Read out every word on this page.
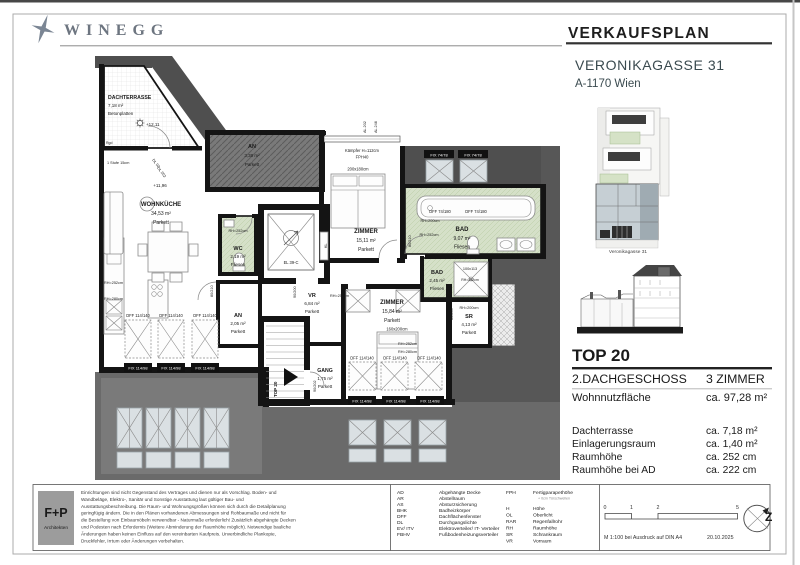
WINEGG	VERKAUFSPLAN
VERONIKAGASSE 31
A-1170 Wien
FIX 74/78	FIX 74/78
EL 39-C
TOP 20	90/202
FIX 114/98	FIX 114/98	FIX 114/98
FIX 114/98	FIX 114/98	FIX 114/98
DACHTERRASSE
7,18 m²
Betonplatten
+12,11
Rgd
1 Stufe 15cm	DL 92
DL 202
+11,96
WOHNKÜCHE
34,53 m²
Parkett
RH=252cm
RH=280cm
80/210
AN
3,38 m²
Parkett
AL 202 AL 246
Kämpfer H=112cm
FPH40
200x180cm
ZIMMER
15,11 m²
Parkett
KL	80/210
DFF 74/180	DFF 74/180
RH=200cm
BAD
9,07 m²
Fliesen
RH=252cm
RH=252cm
WC
2,19 m²
Fliesen
90/200 VR
6,84 m²
Parkett
RH=252cm
AN
2,05 m²
Parkett
GANG
1,75 m²
Parkett
ZIMMER
15,84 m²
Parkett
160x200cm
RH=252cm
RH=280cm
BAD
2,45 m²
Fliesen
100x113
RH=252cm
RH=200cm
SR
4,13 m²
Parkett
60/200
DFF 114/140 DFF 114/140	DFF 114/140
DFF 114/140 DFF 114/140	DFF 114/140
Veronikagasse 31
TOP 20
2.DACHGESCHOSS 3 ZIMMER
Wohnnutzfläche	ca. 97,28 m²
Dachterrasse	ca. 7,18 m²
Einlagerungsraum	ca. 1,40 m²
Raumhöhe	ca. 252 cm
Raumhöhe bei AD	ca. 222 cm
F+P
Architekten
Einrichtungen sind nicht Gegenstand des Vertrages und dienen nur als Vorschlag. Boden- und
Wandbeläge, Elektro-, Sanitär und Sonstige Ausstattung laut gültiger Bau- und
Ausstattungsbeschreibung. Die Raum- und Wohnungsgrößen können sich durch die Detailplanung
geringfügig ändern. Die in den Plänen vorhandenen Abmessungen sind Rohbaumaße und nicht für
die Bestellung von Einbaumöbeln verwendbar - Naturmaße erforderlich! Zusätzlich abgehängte Decken
und Podesten nach Erfordernis (Weitere Abminderung der Raumhöhe möglich). Notwendige bauliche
Änderungen haben keinen Einfluss auf den vereinbarten Kaufpreis. Unverbindliche Plankopie,
Druckfehler, Irrtum oder Änderungen vorbehalten.
AD	Abgehängte Decke
AR	Abstellraum
AS	Absturzsicherung
BHK	Badheizkörper
DFF	Dachflächenfenster
DL	Durchgangslichte
EV/ ITV	Elektroverteiler/ IT- Verteiler
FBHV	Fußbodenheizungsverteiler
FPH	Fertigparapethöhe
+ 0cm Türschwellen
H	Höhe
OL	Oberlicht
RAR	Regenfallrohr
RH	Raumhöhe
SR	Schrankraum
VR	Vorraum
0	1	2	5
M 1:100 bei Ausdruck auf DIN A4	20.10.2025
Z
